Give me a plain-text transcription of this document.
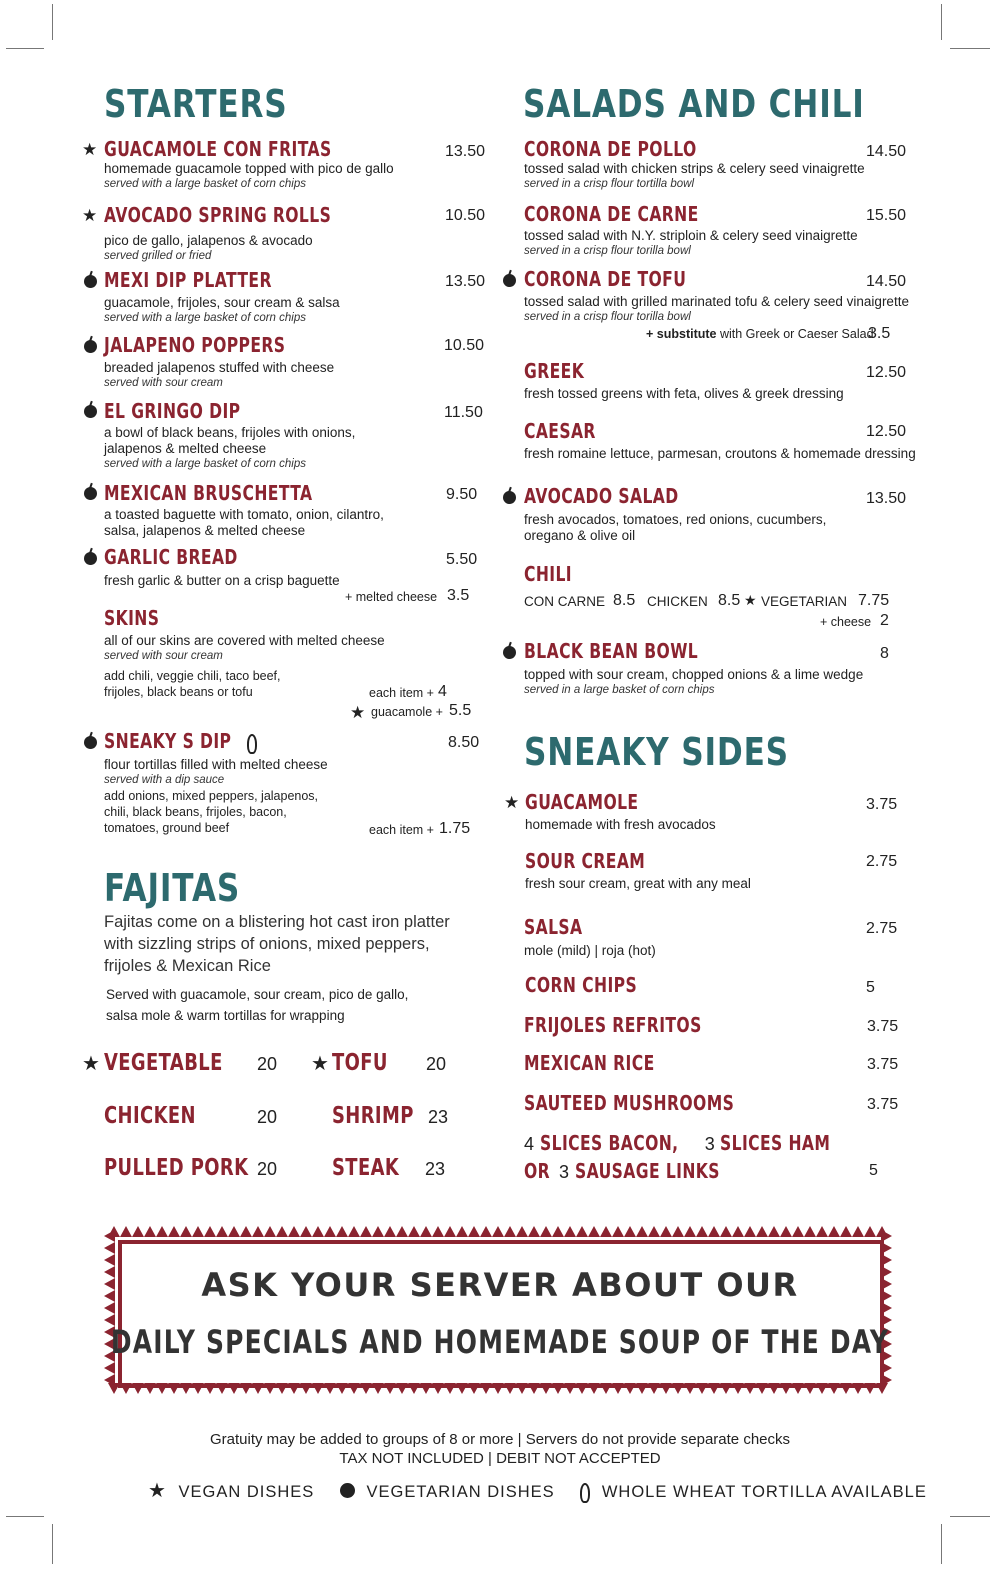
STARTERS
★ GUACAMOLE CON FRITAS
homemade guacamole topped with pico de gallo
served with a large basket of corn chips
13.50
★ AVOCADO SPRING ROLLS
pico de gallo, jalapenos & avocado
served grilled or fried
10.50
MEXI DIP PLATTER
guacamole, frijoles, sour cream & salsa
served with a large basket of corn chips
13.50
JALAPENO POPPERS
breaded jalapenos stuffed with cheese
served with sour cream
10.50
EL GRINGO DIP
a bowl of black beans, frijoles with onions,
jalapenos & melted cheese
served with a large basket of corn chips
11.50
MEXICAN BRUSCHETTA
a toasted baguette with tomato, onion, cilantro,
salsa, jalapenos & melted cheese
9.50
GARLIC BREAD
fresh garlic & butter on a crisp baguette
5.50
+ melted cheese 3.5
SKINS
all of our skins are covered with melted cheese
served with sour cream
add chili, veggie chili, taco beef,
frijoles, black beans or tofu	each item + 4
★ guacamole + 5.5
SNEAKY S DIP
flour tortillas filled with melted cheese
served with a dip sauce
add onions, mixed peppers, jalapenos,
chili, black beans, frijoles, bacon,
tomatoes, ground beef
8.50
each item + 1.75
FAJITAS
Fajitas come on a blistering hot cast iron platter
with sizzling strips of onions, mixed peppers,
frijoles & Mexican Rice
Served with guacamole, sour cream, pico de gallo,
salsa mole & warm tortillas for wrapping
★ VEGETABLE 20 ★ TOFU 20
CHICKEN	20 SHRIMP 23
PULLED PORK 20 STEAK 23
SALADS AND CHILI
CORONA DE POLLO
tossed salad with chicken strips & celery seed vinaigrette
served in a crisp flour tortilla bowl
14.50
CORONA DE CARNE
tossed salad with N.Y. striploin & celery seed vinaigrette
served in a crisp flour torilla bowl
15.50
CORONA DE TOFU
tossed salad with grilled marinated tofu & celery seed vinaigrette
served in a crisp flour torilla bowl
14.50
+ substitute with Greek or Caeser Salad
3.5
GREEK
fresh tossed greens with feta, olives & greek dressing
12.50
CAESAR
fresh romaine lettuce, parmesan, croutons & homemade dressing
12.50
AVOCADO SALAD
fresh avocados, tomatoes, red onions, cucumbers,
oregano & olive oil
13.50
CHILI
CON CARNE 8.5 CHICKEN 8.5 ★ VEGETARIAN 7.75
+ cheese 2
BLACK BEAN BOWL
topped with sour cream, chopped onions & a lime wedge
served in a large basket of corn chips
8
SNEAKY SIDES
★ GUACAMOLE
homemade with fresh avocados
3.75
SOUR CREAM
fresh sour cream, great with any meal
2.75
SALSA
mole (mild) | roja (hot)
2.75
CORN CHIPS	5
FRIJOLES REFRITOS	3.75
MEXICAN RICE	3.75
SAUTEED MUSHROOMS	3.75
4 SLICES BACON, 3 SLICES HAM
OR 3 SAUSAGE LINKS	5
ASK YOUR SERVER ABOUT OUR
DAILY SPECIALS AND HOMEMADE SOUP OF THE DAY
Gratuity may be added to groups of 8 or more | Servers do not provide separate checks
TAX NOT INCLUDED | DEBIT NOT ACCEPTED
★ VEGAN DISHES	VEGETARIAN DISHES	WHOLE WHEAT TORTILLA AVAILABLE
